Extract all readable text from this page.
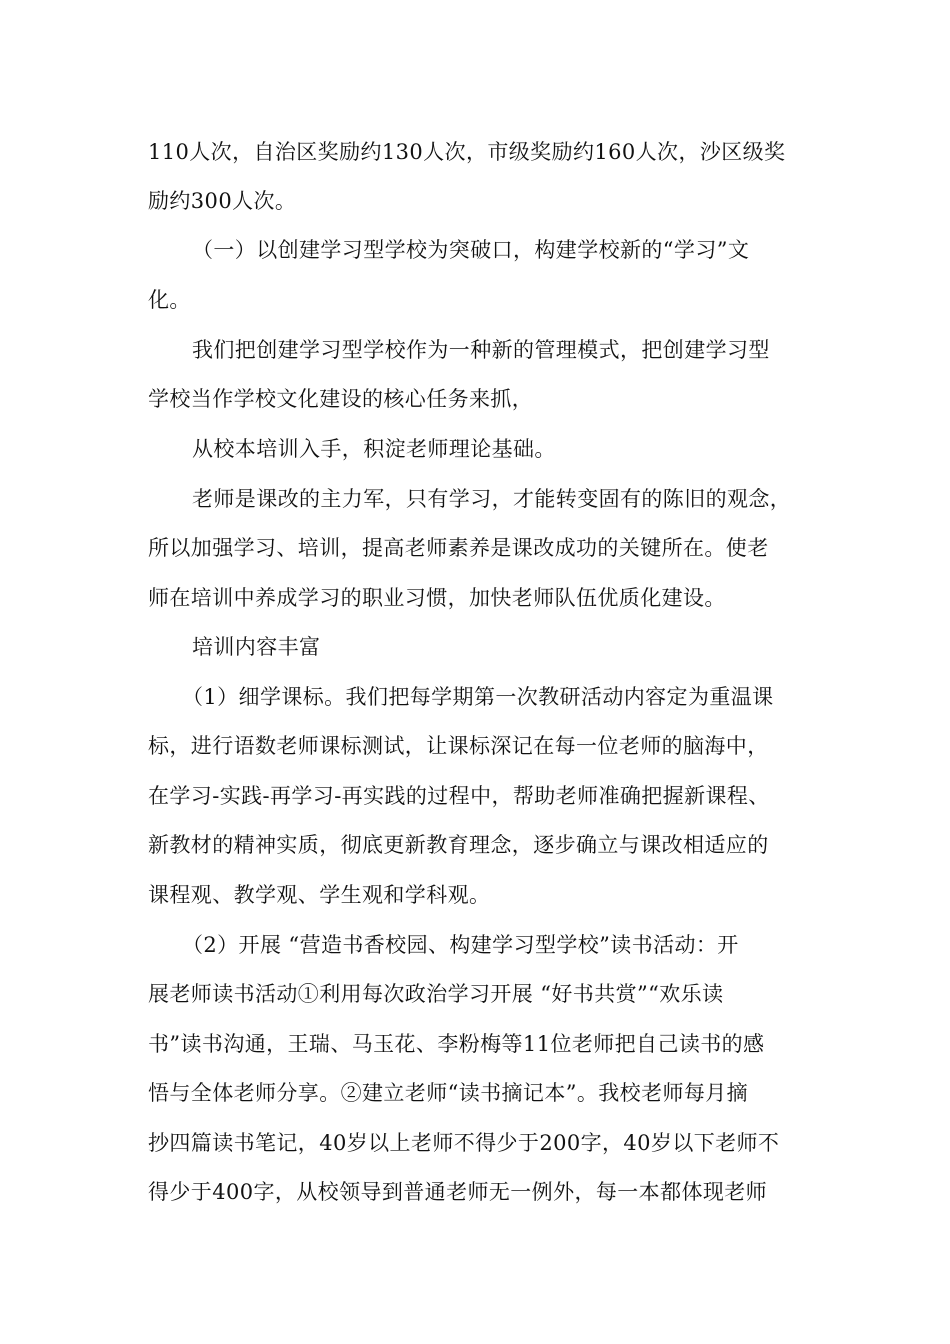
110人次，自治区奖励约130人次，市级奖励约160人次，沙区级奖
励约300人次。
（一）以创建学习型学校为突破口，构建学校新的“学习”文
化。
我们把创建学习型学校作为一种新的管理模式，把创建学习型
学校当作学校文化建设的核心任务来抓，
从校本培训入手，积淀老师理论基础。
老师是课改的主力军，只有学习，才能转变固有的陈旧的观念，
所以加强学习、培训，提高老师素养是课改成功的关键所在。使老
师在培训中养成学习的职业习惯，加快老师队伍优质化建设。
培训内容丰富
（1）细学课标。我们把每学期第一次教研活动内容定为重温课
标，进行语数老师课标测试，让课标深记在每一位老师的脑海中，
在学习-实践-再学习-再实践的过程中，帮助老师准确把握新课程、
新教材的精神实质，彻底更新教育理念，逐步确立与课改相适应的
课程观、教学观、学生观和学科观。
（2）开展 “营造书香校园、构建学习型学校”读书活动：开
展老师读书活动①利用每次政治学习开展 “好书共赏”“欢乐读
书”读书沟通，王瑞、马玉花、李粉梅等11位老师把自己读书的感
悟与全体老师分享。②建立老师“读书摘记本”。我校老师每月摘
抄四篇读书笔记，40岁以上老师不得少于200字，40岁以下老师不
得少于400字，从校领导到普通老师无一例外，每一本都体现老师
